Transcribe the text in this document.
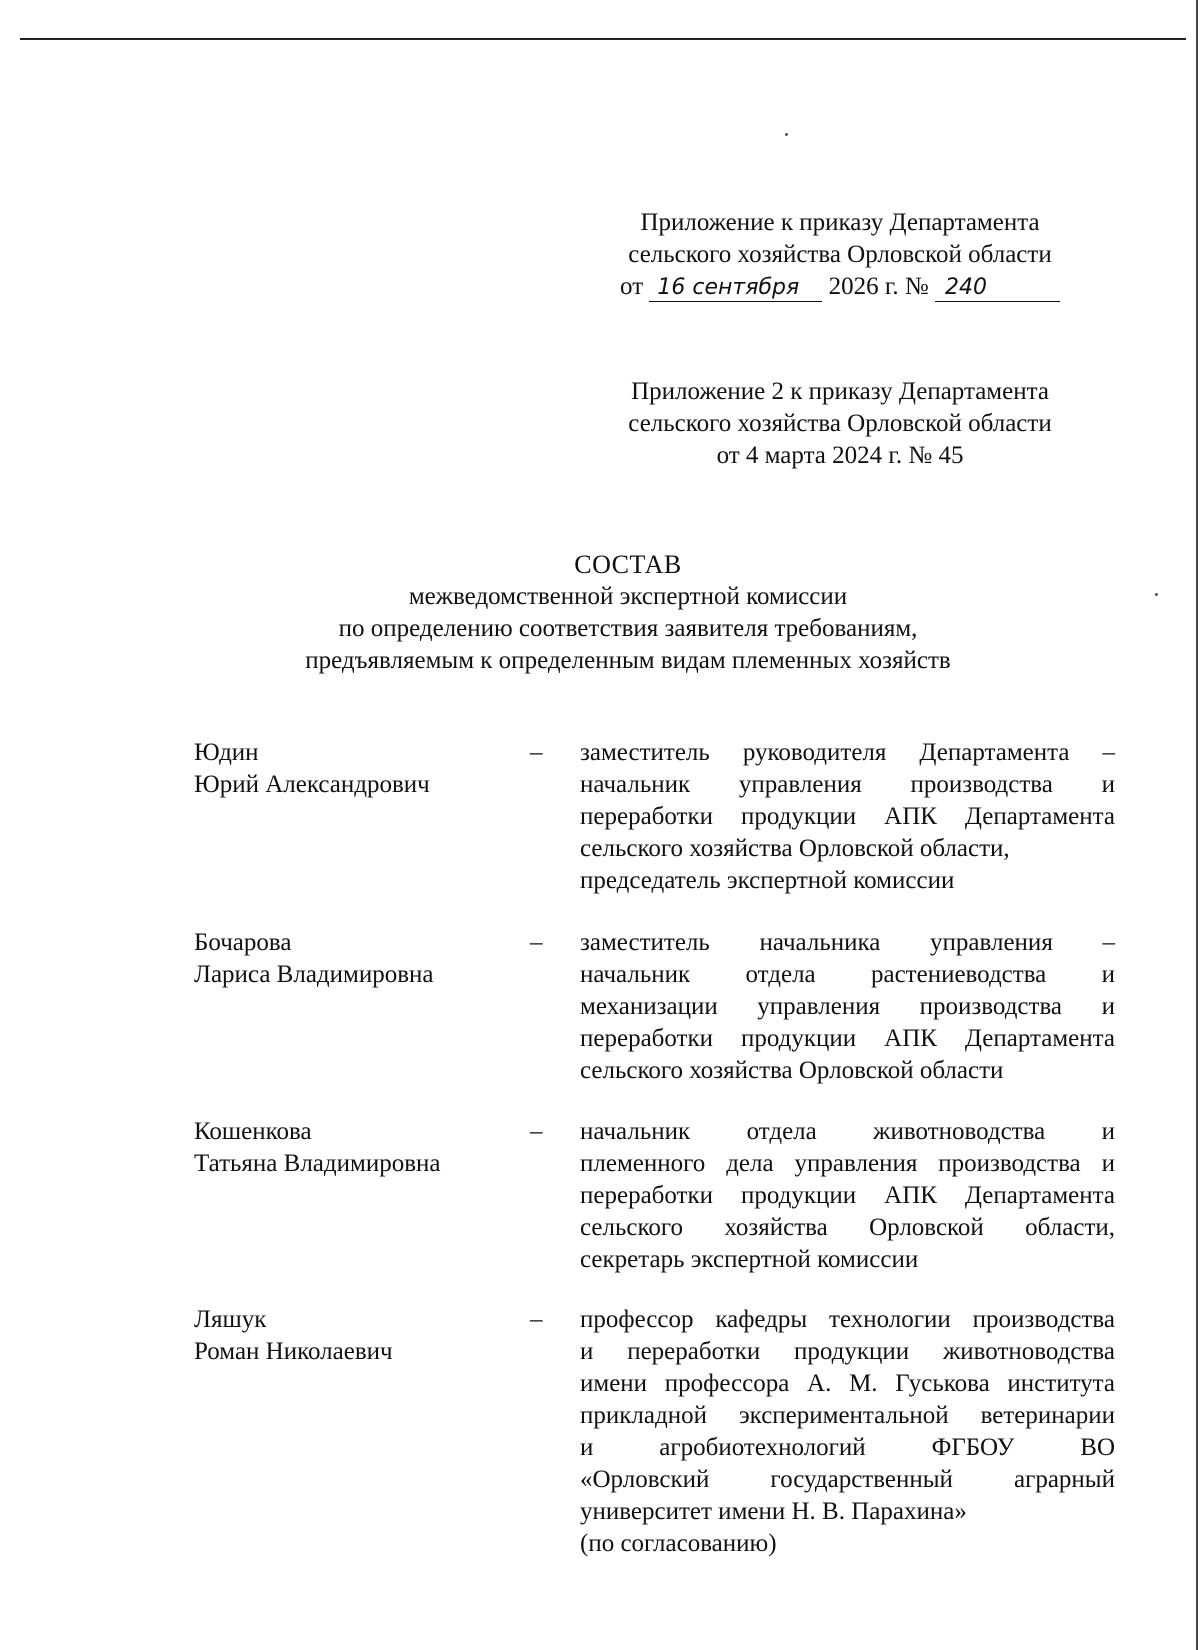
Приложение к приказу Департамента
сельского хозяйства Орловской области
от 16 сентября 2026 г. № 240
Приложение 2 к приказу Департамента
сельского хозяйства Орловской области
от 4 марта 2024 г. № 45
СОСТАВ
межведомственной экспертной комиссии
по определению соответствия заявителя требованиям,
предъявляемым к определенным видам племенных хозяйств
Юдин
Юрий Александрович
–	заместитель руководителя Департамента –
начальник управления производства и
переработки продукции АПК Департамента
сельского хозяйства Орловской области,
председатель экспертной комиссии
Бочарова
Лариса Владимировна
–	заместитель начальника управления –
начальник отдела растениеводства и
механизации управления производства и
переработки продукции АПК Департамента
сельского хозяйства Орловской области
Кошенкова
Татьяна Владимировна
–	начальник отдела животноводства и
племенного дела управления производства и
переработки продукции АПК Департамента
сельского хозяйства Орловской области,
секретарь экспертной комиссии
Ляшук
Роман Николаевич
–	профессор кафедры технологии производства
и переработки продукции животноводства
имени профессора А. М. Гуськова института
прикладной экспериментальной ветеринарии
и агробиотехнологий ФГБОУ ВО
«Орловский государственный аграрный
университет имени Н. В. Парахина»
(по согласованию)
